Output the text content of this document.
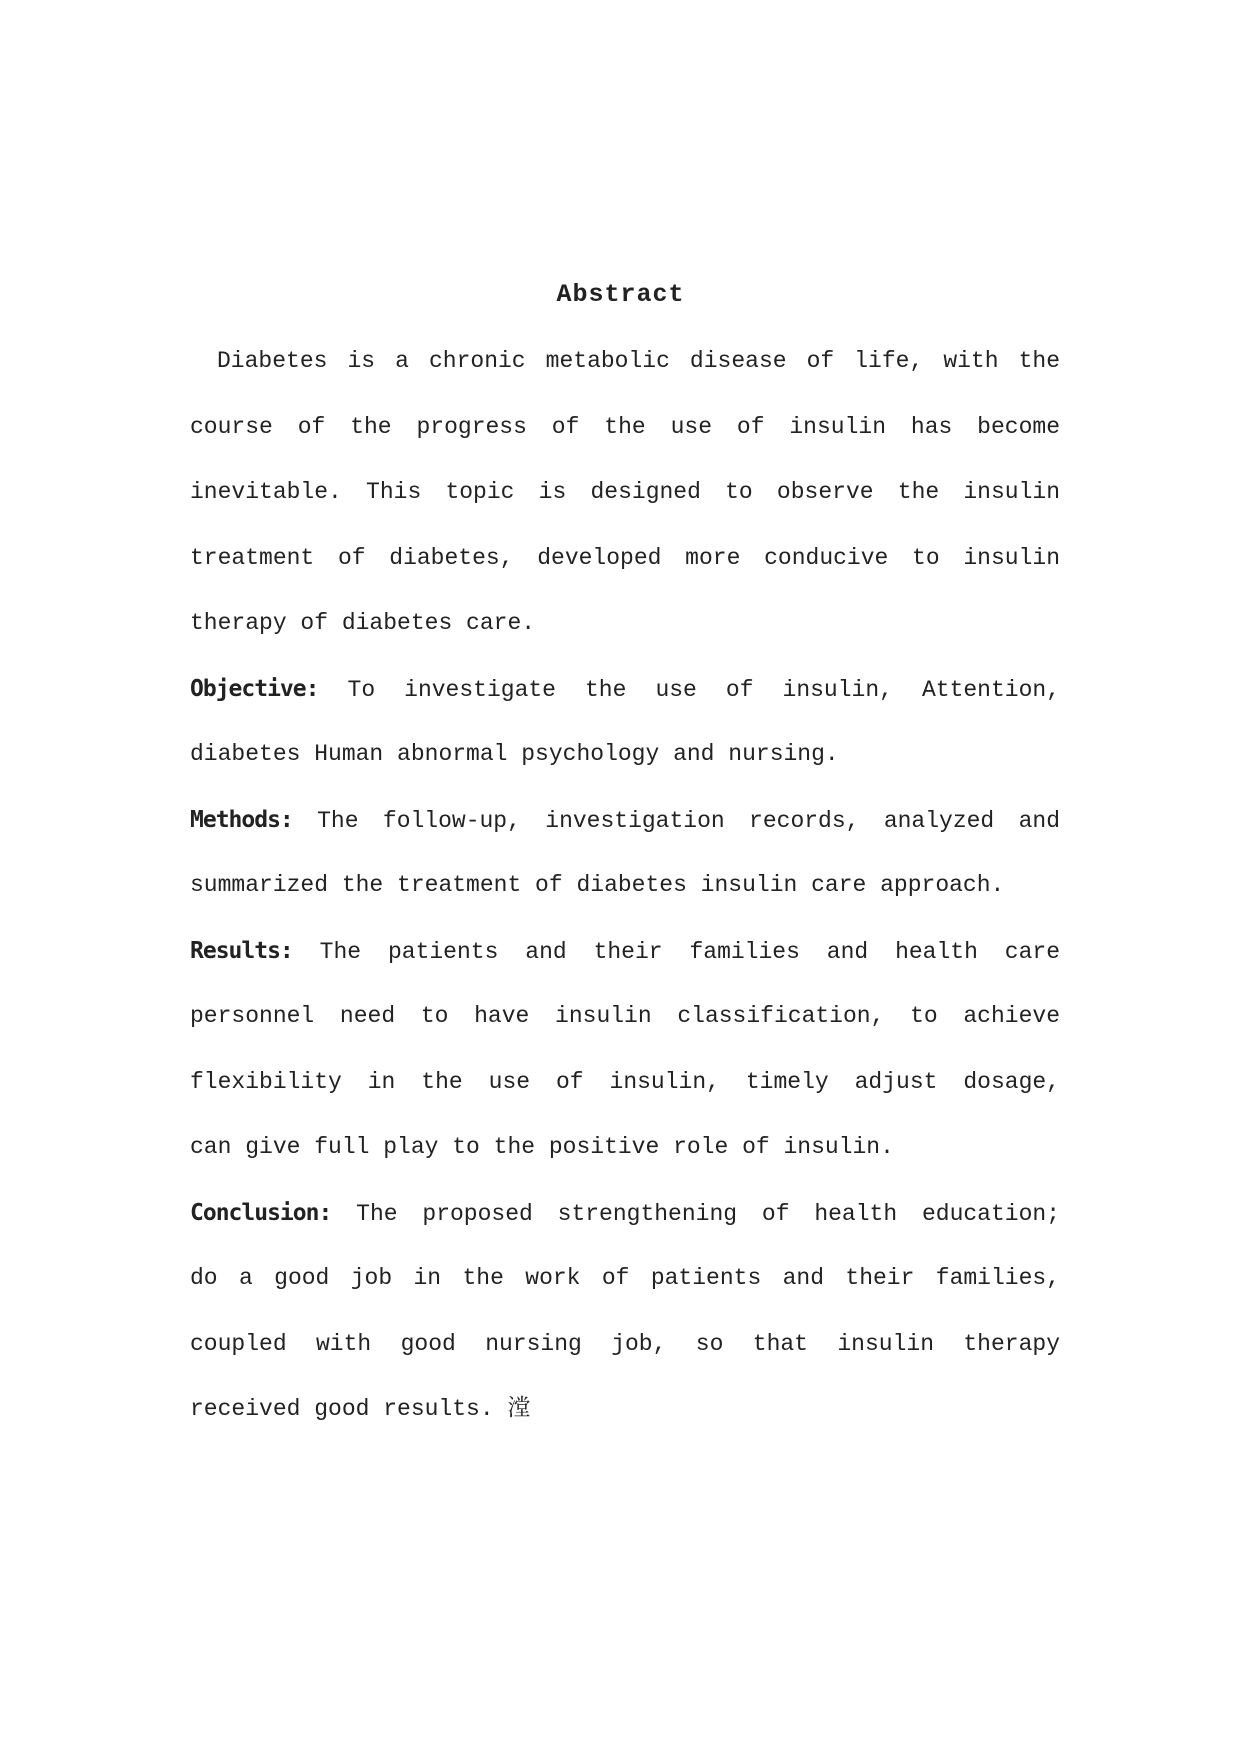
Abstract
Diabetes is a chronic metabolic disease of life, with the
course of the progress of the use of insulin has become
inevitable. This topic is designed to observe the insulin
treatment of diabetes, developed more conducive to insulin
therapy of diabetes care.
Objective: To investigate the use of insulin, Attention,
diabetes Human abnormal psychology and nursing.
Methods: The follow-up, investigation records, analyzed and
summarized the treatment of diabetes insulin care approach.
Results: The patients and their families and health care
personnel need to have insulin classification, to achieve
flexibility in the use of insulin, timely adjust dosage,
can give full play to the positive role of insulin.
Conclusion: The proposed strengthening of health education;
do a good job in the work of patients and their families,
coupled with good nursing job, so that insulin therapy
received good results. 漟
